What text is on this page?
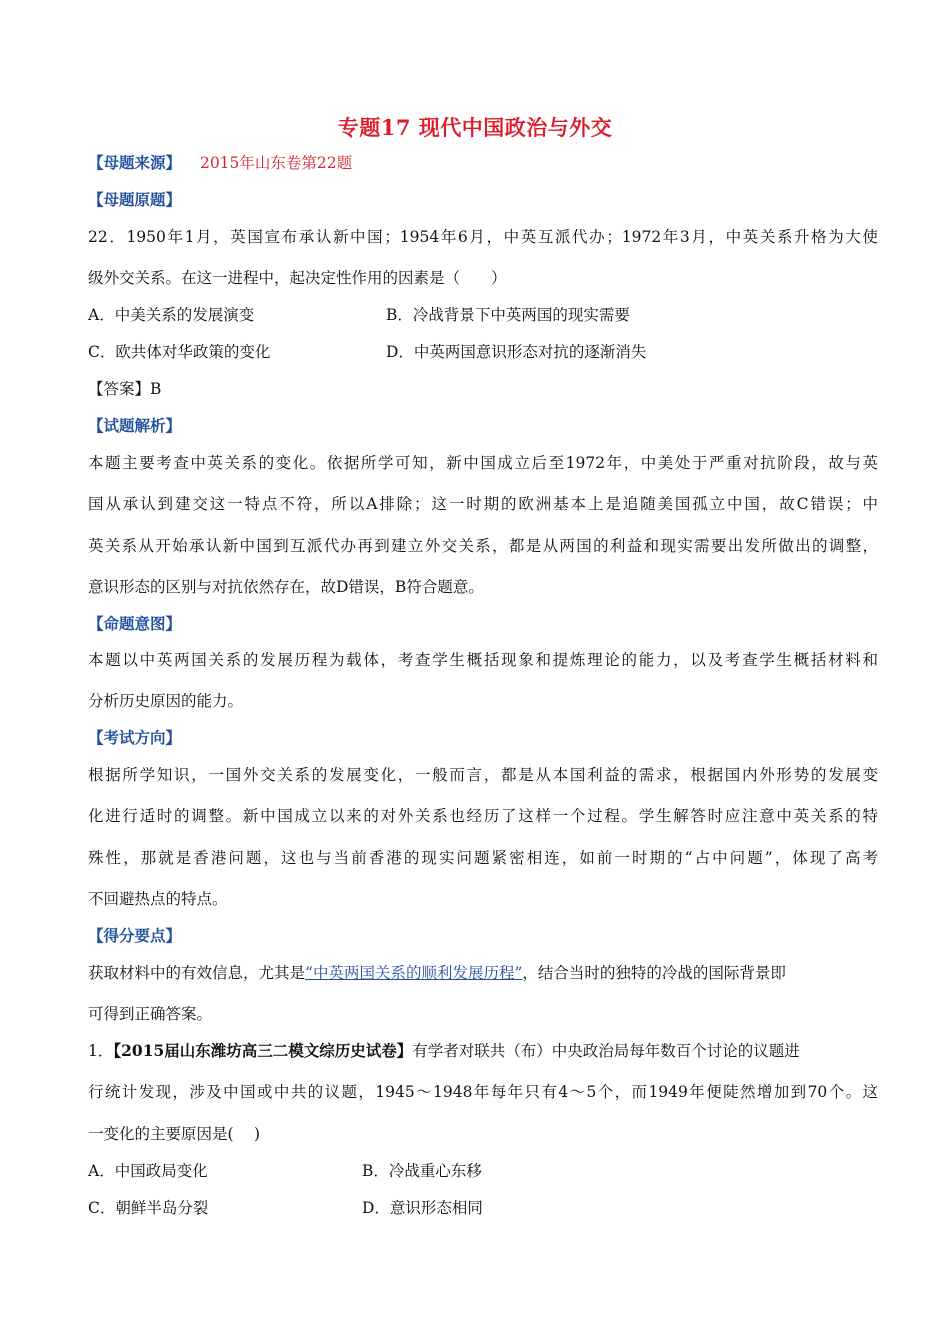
专题17 现代中国政治与外交
【母题来源】 2015年山东卷第22题
【母题原题】
22．1950年1月，英国宣布承认新中国；1954年6月，中英互派代办；1972年3月，中英关系升格为大使
级外交关系。在这一进程中，起决定性作用的因素是（　　）
A．中美关系的发展演变	B．冷战背景下中英两国的现实需要
C．欧共体对华政策的变化	D．中英两国意识形态对抗的逐渐消失
【答案】B
【试题解析】
本题主要考查中英关系的变化。依据所学可知，新中国成立后至1972年，中美处于严重对抗阶段，故与英
国从承认到建交这一特点不符，所以A排除；这一时期的欧洲基本上是追随美国孤立中国，故C错误；中
英关系从开始承认新中国到互派代办再到建立外交关系，都是从两国的利益和现实需要出发所做出的调整，
意识形态的区别与对抗依然存在，故D错误，B符合题意。
【命题意图】
本题以中英两国关系的发展历程为载体，考查学生概括现象和提炼理论的能力，以及考查学生概括材料和
分析历史原因的能力。
【考试方向】
根据所学知识，一国外交关系的发展变化，一般而言，都是从本国利益的需求，根据国内外形势的发展变
化进行适时的调整。新中国成立以来的对外关系也经历了这样一个过程。学生解答时应注意中英关系的特
殊性，那就是香港问题，这也与当前香港的现实问题紧密相连，如前一时期的“占中问题”，体现了高考
不回避热点的特点。
【得分要点】
获取材料中的有效信息，尤其是“中英两国关系的顺利发展历程”，结合当时的独特的冷战的国际背景即
可得到正确答案。
1．【2015届山东潍坊高三二模文综历史试卷】有学者对联共（布）中央政治局每年数百个讨论的议题进
行统计发现，涉及中国或中共的议题，1945～1948年每年只有4～5个，而1949年便陡然增加到70个。这
一变化的主要原因是(　 )
A．中国政局变化	B．冷战重心东移
C．朝鲜半岛分裂	D．意识形态相同
